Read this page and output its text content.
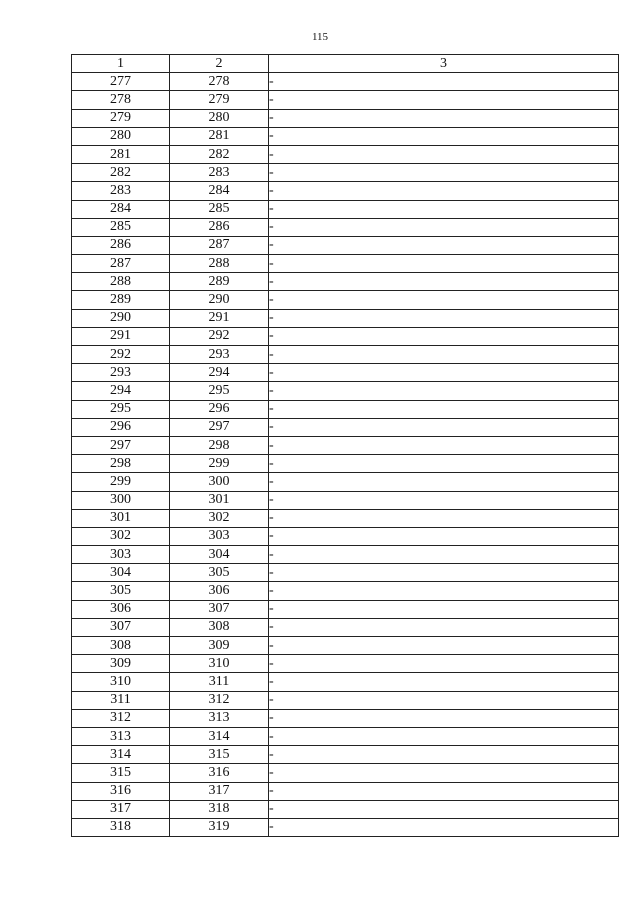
115
1	2	3
277	278	-
278	279	-
279	280	-
280	281	-
281	282	-
282	283	-
283	284	-
284	285	-
285	286	-
286	287	-
287	288	-
288	289	-
289	290	-
290	291	-
291	292	-
292	293	-
293	294	-
294	295	-
295	296	-
296	297	-
297	298	-
298	299	-
299	300	-
300	301	-
301	302	-
302	303	-
303	304	-
304	305	-
305	306	-
306	307	-
307	308	-
308	309	-
309	310	-
310	311	-
311	312	-
312	313	-
313	314	-
314	315	-
315	316	-
316	317	-
317	318	-
318	319	-
